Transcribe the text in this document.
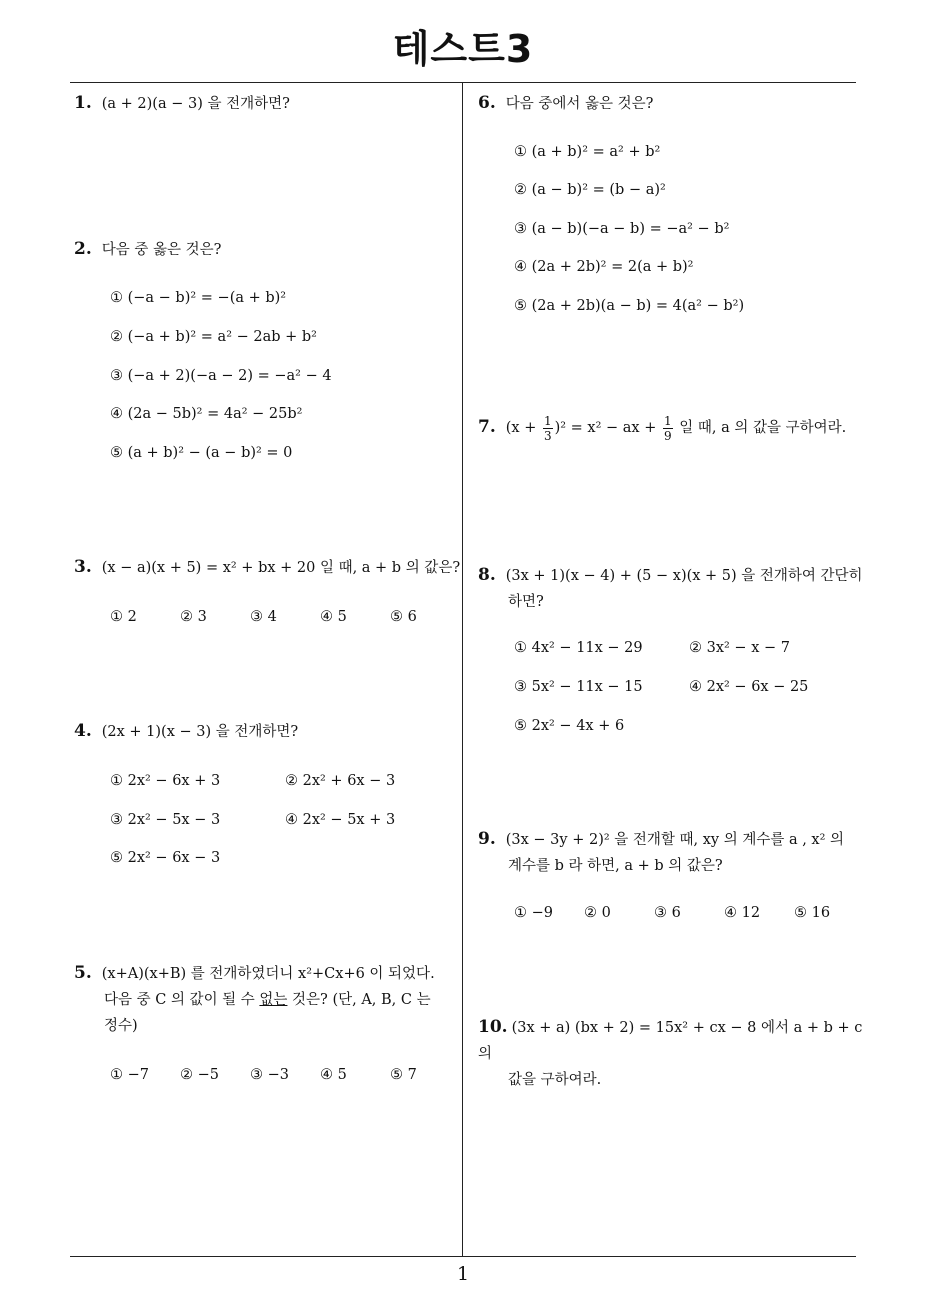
테스트3
1
1. (a + 2)(a − 3) 을 전개하면?
2. 다음 중 옳은 것은?
① (−a − b)² = −(a + b)²
② (−a + b)² = a² − 2ab + b²
③ (−a + 2)(−a − 2) = −a² − 4
④ (2a − 5b)² = 4a² − 25b²
⑤ (a + b)² − (a − b)² = 0
3. (x − a)(x + 5) = x² + bx + 20 일 때, a + b 의 값은?
① 2	② 3	③ 4	④ 5	⑤ 6
4. (2x + 1)(x − 3) 을 전개하면?
① 2x² − 6x + 3	② 2x² + 6x − 3
③ 2x² − 5x − 3	④ 2x² − 5x + 3
⑤ 2x² − 6x − 3
5. (x+A)(x+B) 를 전개하였더니 x²+Cx+6 이 되었다.
다음 중 C 의 값이 될 수 없는 것은? (단, A, B, C 는
정수)
① −7 ② −5 ③ −3 ④ 5	⑤ 7
6. 다음 중에서 옳은 것은?
① (a + b)² = a² + b²
② (a − b)² = (b − a)²
③ (a − b)(−a − b) = −a² − b²
④ (2a + 2b)² = 2(a + b)²
⑤ (2a + 2b)(a − b) = 4(a² − b²)
7. $(x + \frac{1}{3} )^2 = x^2$ − ax + $\frac{1}{9}$ 일 때, a 의 값을 구하여라.
8. (3x + 1)(x − 4) + (5 − x)(x + 5) 을 전개하여 간단히
하면?
① 4x² − 11x − 29	② 3x² − x − 7
③ 5x² − 11x − 15	④ 2x² − 6x − 25
⑤ 2x² − 4x + 6
9. (3x − 3y + 2)² 을 전개할 때, xy 의 계수를 a , x² 의
계수를 b 라 하면, a + b 의 값은?
① −9 ② 0	③ 6	④ 12 ⑤ 16
10. (3x + a) (bx + 2) = 15x² + cx − 8 에서 a + b + c 의
값을 구하여라.
